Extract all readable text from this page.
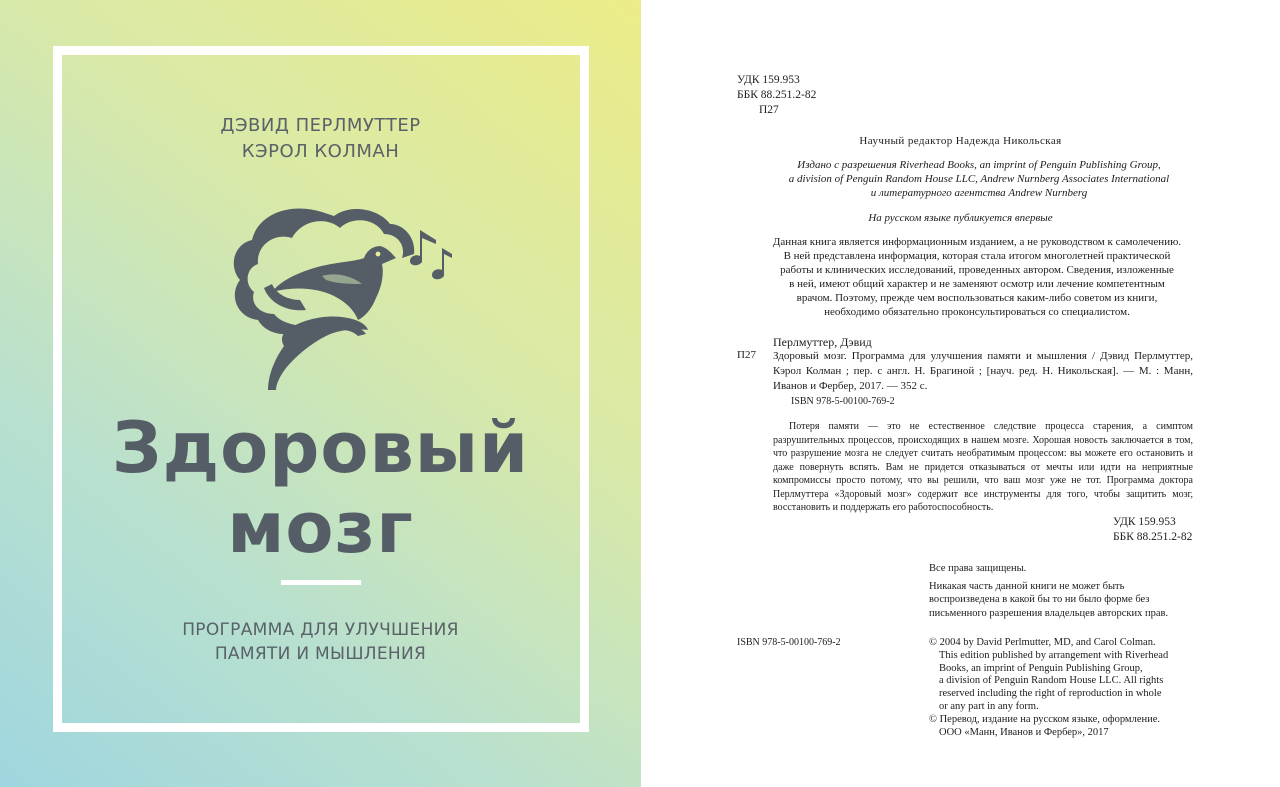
ДЭВИД ПЕРЛМУТТЕР
КЭРОЛ КОЛМАН
Здоровый
мозг
ПРОГРАММА ДЛЯ УЛУЧШЕНИЯ
ПАМЯТИ И МЫШЛЕНИЯ
УДК 159.953
ББК 88.251.2-82
П27
Научный редактор Надежда Никольская
Издано с разрешения Riverhead Books, an imprint of Penguin Publishing Group,
a division of Penguin Random House LLC, Andrew Nurnberg Associates International
и литературного агентства Andrew Nurnberg
На русском языке публикуется впервые
Данная книга является информационным изданием, а не руководством к самолечению.
В ней представлена информация, которая стала итогом многолетней практической
работы и клинических исследований, проведенных автором. Сведения, изложенные
в ней, имеют общий характер и не заменяют осмотр или лечение компетентным
врачом. Поэтому, прежде чем воспользоваться каким-либо советом из книги,
необходимо обязательно проконсультироваться со специалистом.
Перлмуттер, Дэвид
П27 Здоровый мозг. Программа для улучшения памяти и мышления / Дэвид Перлмуттер, Кэрол Колман ; пер. с англ. Н. Брагиной ; [науч. ред. Н. Никольская]. — М. : Манн, Иванов и Фербер, 2017. — 352 с.
ISBN 978-5-00100-769-2
Потеря памяти — это не естественное следствие процесса старения, а симптом разрушительных процессов, происходящих в нашем мозге. Хорошая новость заключается в том, что разрушение мозга не следует считать необратимым процессом: вы можете его остановить и даже повернуть вспять. Вам не придется отказываться от мечты или идти на неприятные компромиссы просто потому, что вы решили, что ваш мозг уже не тот. Программа доктора Перлмуттера «Здоровый мозг» содержит все инструменты для того, чтобы защитить мозг, восстановить и поддержать его работоспособность.
УДК 159.953
ББК 88.251.2-82
Все права защищены.
Никакая часть данной книги не может быть
воспроизведена в какой бы то ни было форме без
письменного разрешения владельцев авторских прав.
ISBN 978-5-00100-769-2	© 2004 by David Perlmutter, MD, and Carol Colman.
This edition published by arrangement with Riverhead
Books, an imprint of Penguin Publishing Group,
a division of Penguin Random House LLC. All rights
reserved including the right of reproduction in whole
or any part in any form.
© Перевод, издание на русском языке, оформление.
ООО «Манн, Иванов и Фербер», 2017
